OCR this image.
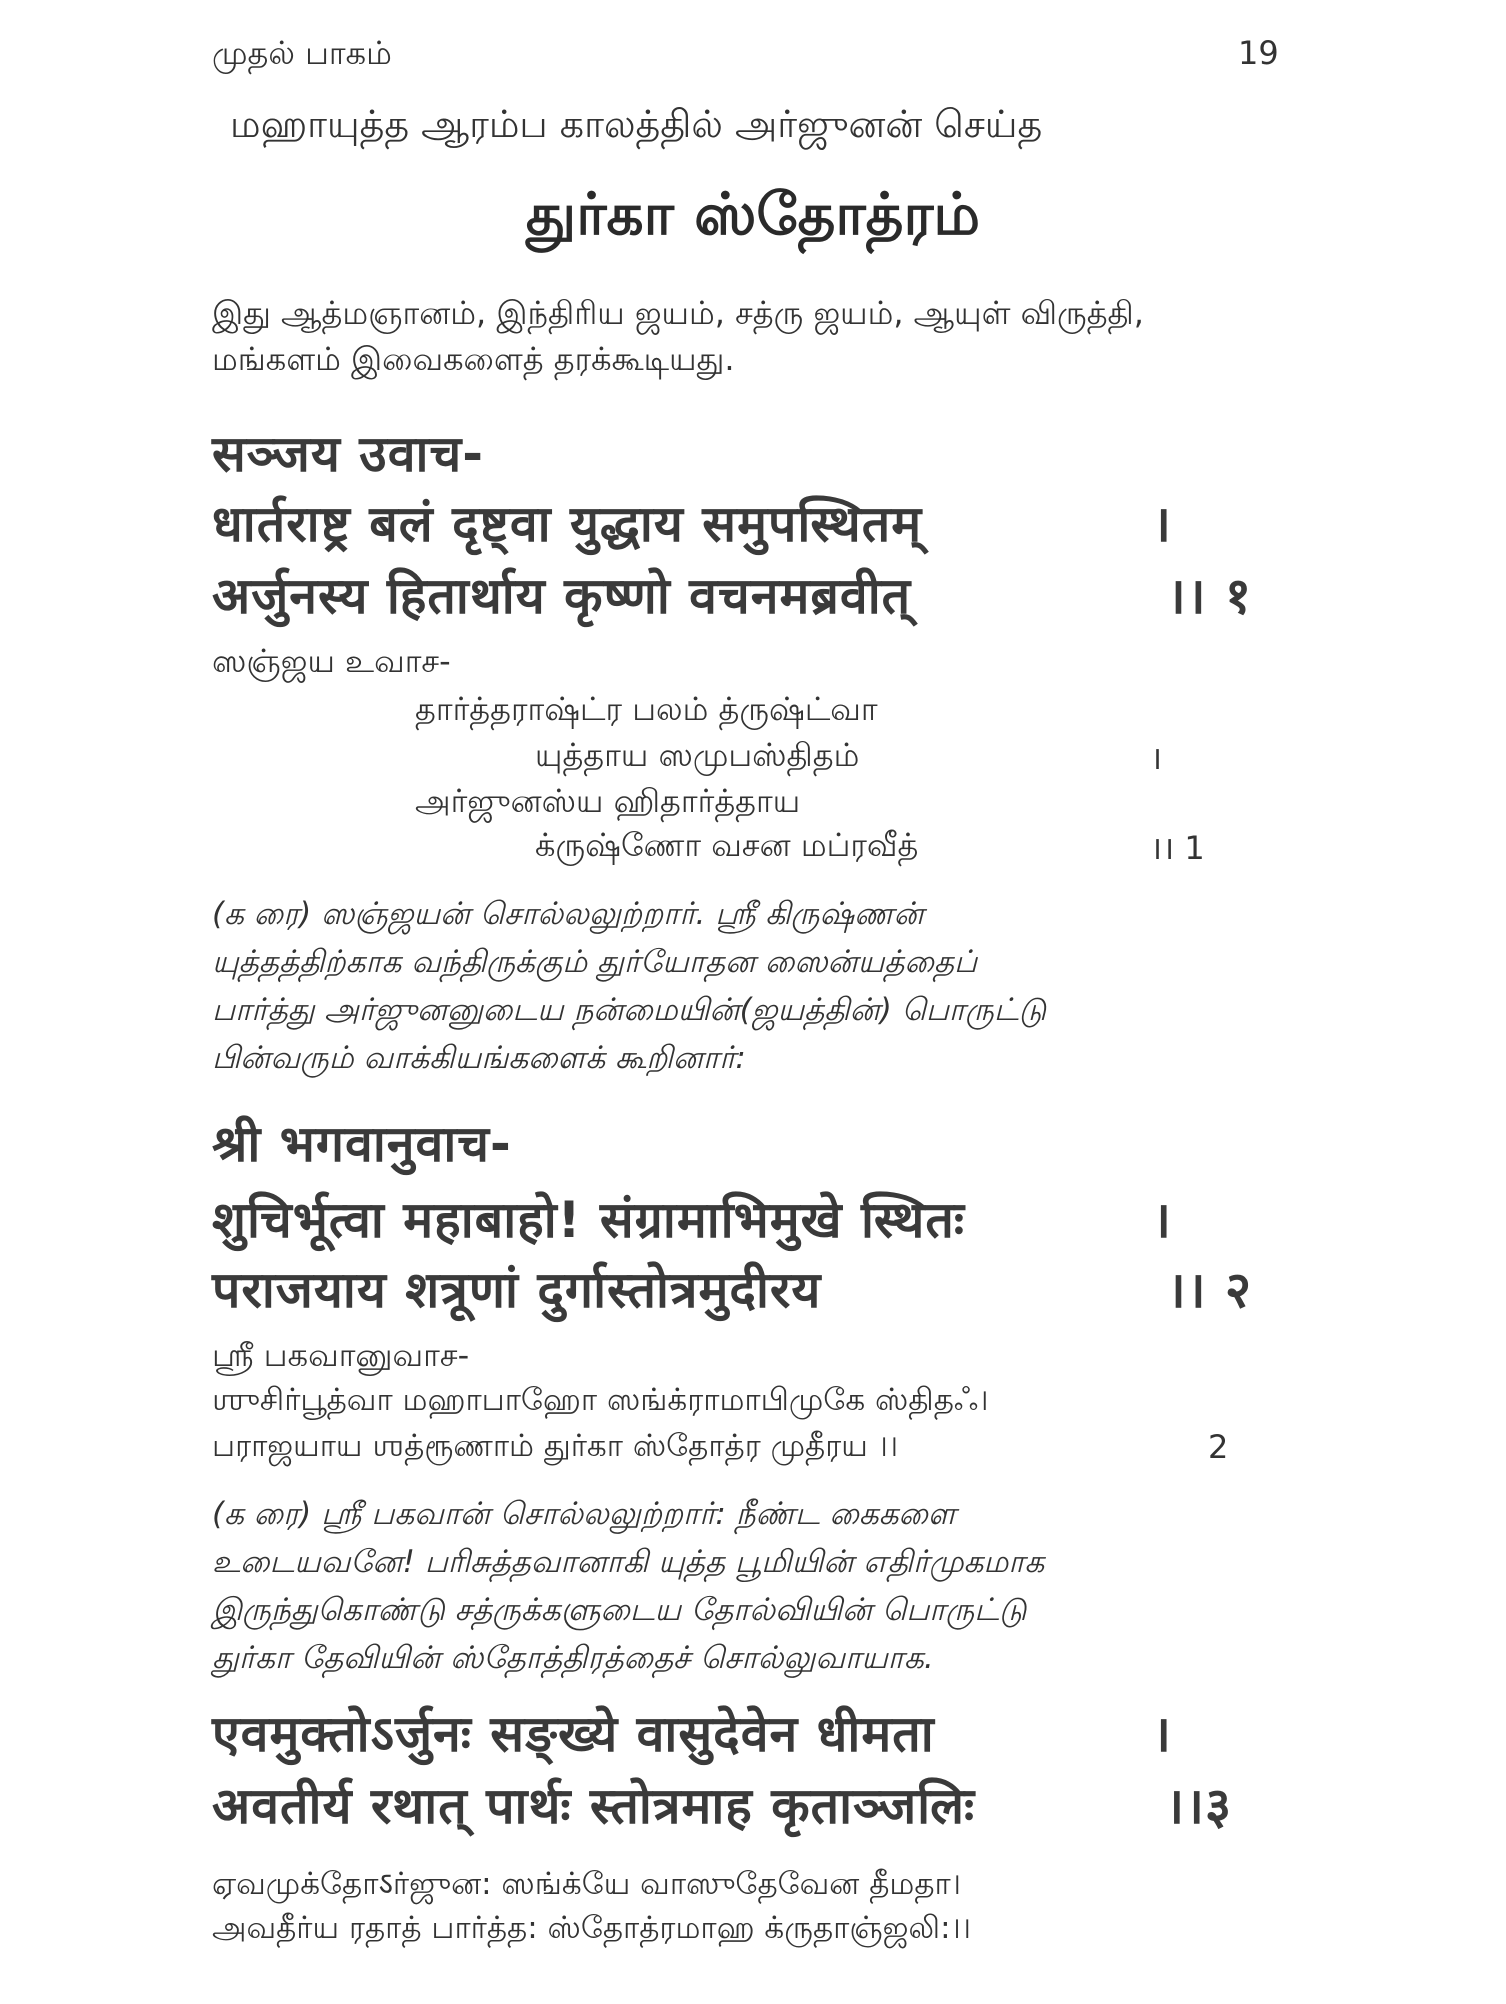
முதல் பாகம்	19
மஹாயுத்த ஆரம்ப காலத்தில் அர்ஜுனன் செய்த
துர்கா ஸ்தோத்ரம்
இது ஆத்மஞானம், இந்திரிய ஜயம், சத்ரு ஜயம், ஆயுள் விருத்தி,
மங்களம் இவைகளைத் தரக்கூடியது.
सञ्जय उवाच-
धार्तराष्ट्र बलं दृष्ट्वा युद्धाय समुपस्थितम्	।
अर्जुनस्य हितार्थाय कृष्णो वचनमब्रवीत्	।। १
ஸஞ்ஜய உவாச-
தார்த்தராஷ்ட்ர பலம் த்ருஷ்ட்வா
யுத்தாய ஸமுபஸ்திதம்	।
அர்ஜுனஸ்ய ஹிதார்த்தாய
க்ருஷ்ணோ வசன மப்ரவீத்	।। 1
(க ரை) ஸஞ்ஜயன் சொல்லலுற்றார். ஸ்ரீ கிருஷ்ணன்
யுத்தத்திற்காக வந்திருக்கும் துர்யோதன ஸைன்யத்தைப்
பார்த்து அர்ஜுனனுடைய நன்மையின்(ஜயத்தின்) பொருட்டு
பின்வரும் வாக்கியங்களைக் கூறினார்:
श्री भगवानुवाच-
शुचिर्भूत्वा महाबाहो! संग्रामाभिमुखे स्थितः	।
पराजयाय शत्रूणां दुर्गास्तोत्रमुदीरय	।। २
ஸ்ரீ பகவானுவாச-
ஶுசிர்பூத்வா மஹாபாஹோ ஸங்க்ராமாபிமுகே ஸ்திதஃ।
பராஜயாய ஶத்ரூணாம் துர்கா ஸ்தோத்ர முதீரய ।।	2
(க ரை) ஸ்ரீ பகவான் சொல்லலுற்றார்: நீண்ட கைகளை
உடையவனே! பரிசுத்தவானாகி யுத்த பூமியின் எதிர்முகமாக
இருந்துகொண்டு சத்ருக்களுடைய தோல்வியின் பொருட்டு
துர்கா தேவியின் ஸ்தோத்திரத்தைச் சொல்லுவாயாக.
एवमुक्तोऽर्जुनः सङ्ख्ये वासुदेवेन धीमता	।
अवतीर्य रथात् पार्थः स्तोत्रमाह कृताञ्जलिः	।।३
ஏவமுக்தோऽர்ஜுன: ஸங்க்யே வாஸுதேவேன தீமதா।
அவதீர்ய ரதாத் பார்த்த: ஸ்தோத்ரமாஹ க்ருதாஞ்ஜலி:।।
